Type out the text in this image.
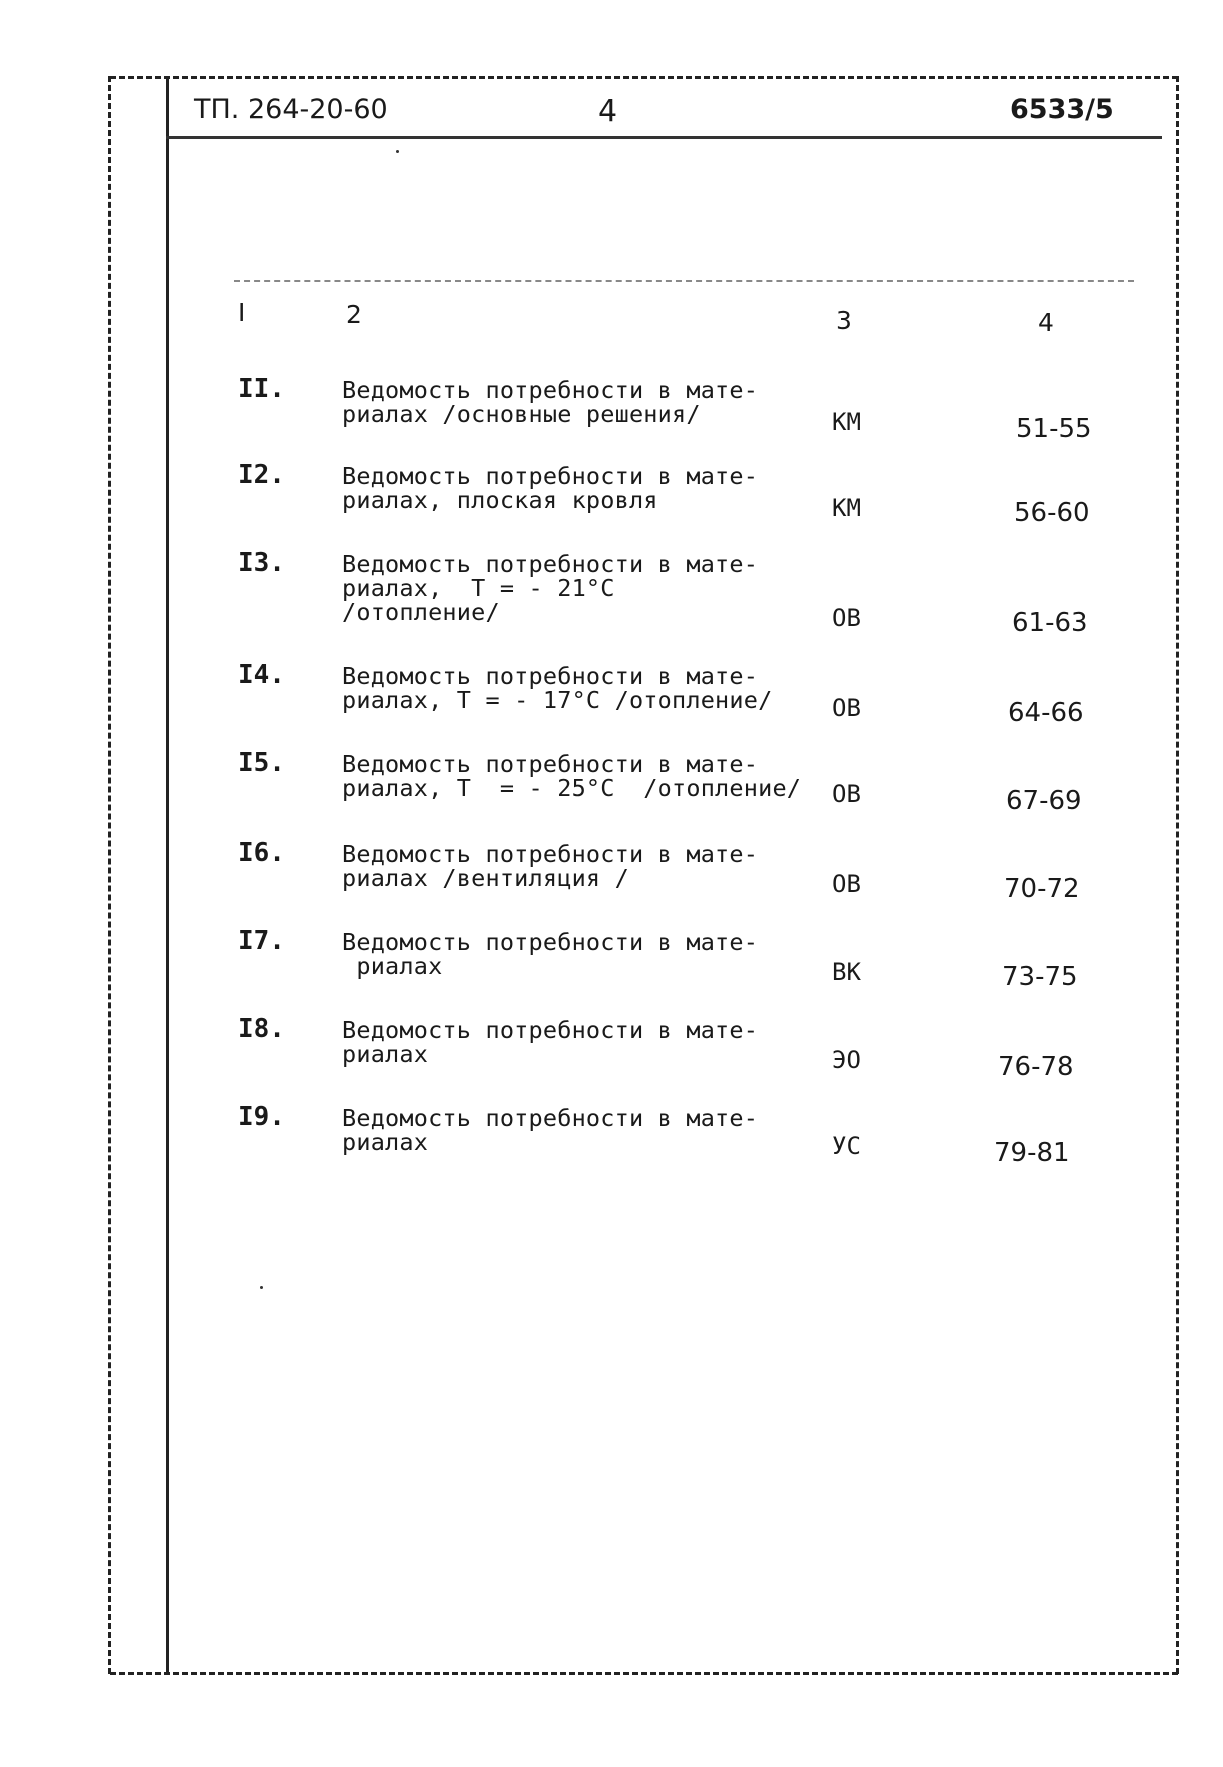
ТП. 264-20-60	4	6533/5
I	2	3	4
II. Ведомость потребности в мате-
риалах /основные решения/	КМ	51-55
I2. Ведомость потребности в мате-
риалах, плоская кровля	КМ	56-60
I3. Ведомость потребности в мате-
риалах,  Т = - 21°С
/отопление/	ОВ	61-63
I4. Ведомость потребности в мате-
риалах, Т = - 17°С /отопление/	ОВ	64-66
I5. Ведомость потребности в мате-
риалах, Т  = - 25°С  /отопление/	ОВ	67-69
I6. Ведомость потребности в мате-
риалах /вентиляция /	ОВ	70-72
I7. Ведомость потребности в мате-
риалах	ВК	73-75
I8. Ведомость потребности в мате-
риалах	ЭО	76-78
I9. Ведомость потребности в мате-
риалах	УС	79-81
